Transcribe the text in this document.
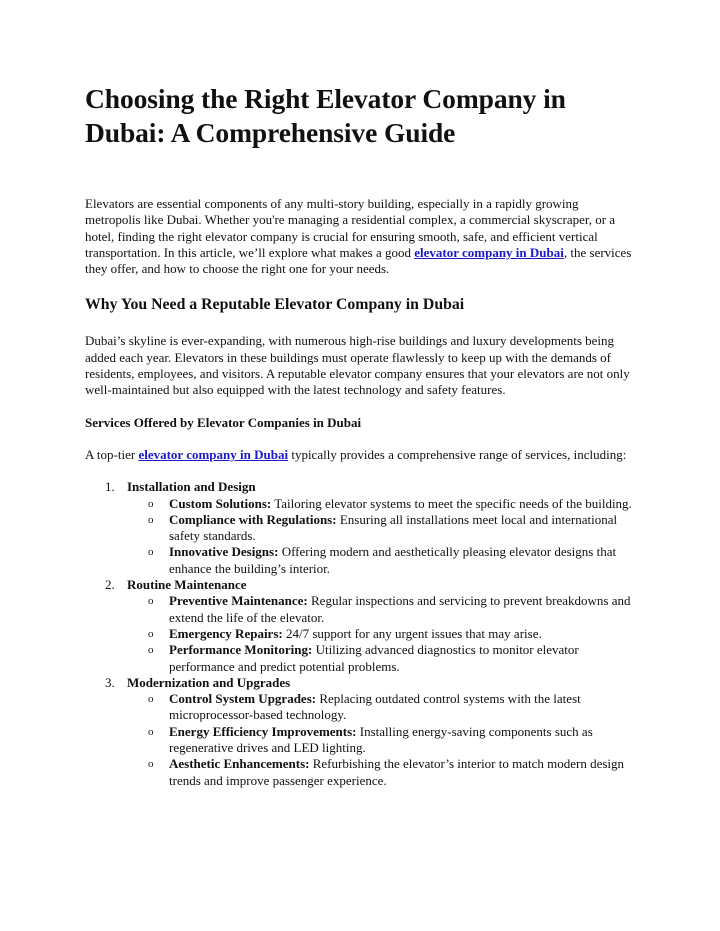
Choosing the Right Elevator Company in Dubai: A Comprehensive Guide

Elevators are essential components of any multi-story building, especially in a rapidly growing metropolis like Dubai. Whether you're managing a residential complex, a commercial skyscraper, or a hotel, finding the right elevator company is crucial for ensuring smooth, safe, and efficient vertical transportation. In this article, we’ll explore what makes a good elevator company in Dubai, the services they offer, and how to choose the right one for your needs.

Why You Need a Reputable Elevator Company in Dubai

Dubai’s skyline is ever-expanding, with numerous high-rise buildings and luxury developments being added each year. Elevators in these buildings must operate flawlessly to keep up with the demands of residents, employees, and visitors. A reputable elevator company ensures that your elevators are not only well-maintained but also equipped with the latest technology and safety features.

Services Offered by Elevator Companies in Dubai

A top-tier elevator company in Dubai typically provides a comprehensive range of services, including:

1. Installation and Design
o Custom Solutions: Tailoring elevator systems to meet the specific needs of the building.
o Compliance with Regulations: Ensuring all installations meet local and international safety standards.
o Innovative Designs: Offering modern and aesthetically pleasing elevator designs that enhance the building’s interior.
2. Routine Maintenance
o Preventive Maintenance: Regular inspections and servicing to prevent breakdowns and extend the life of the elevator.
o Emergency Repairs: 24/7 support for any urgent issues that may arise.
o Performance Monitoring: Utilizing advanced diagnostics to monitor elevator performance and predict potential problems.
3. Modernization and Upgrades
o Control System Upgrades: Replacing outdated control systems with the latest microprocessor-based technology.
o Energy Efficiency Improvements: Installing energy-saving components such as regenerative drives and LED lighting.
o Aesthetic Enhancements: Refurbishing the elevator’s interior to match modern design trends and improve passenger experience.
